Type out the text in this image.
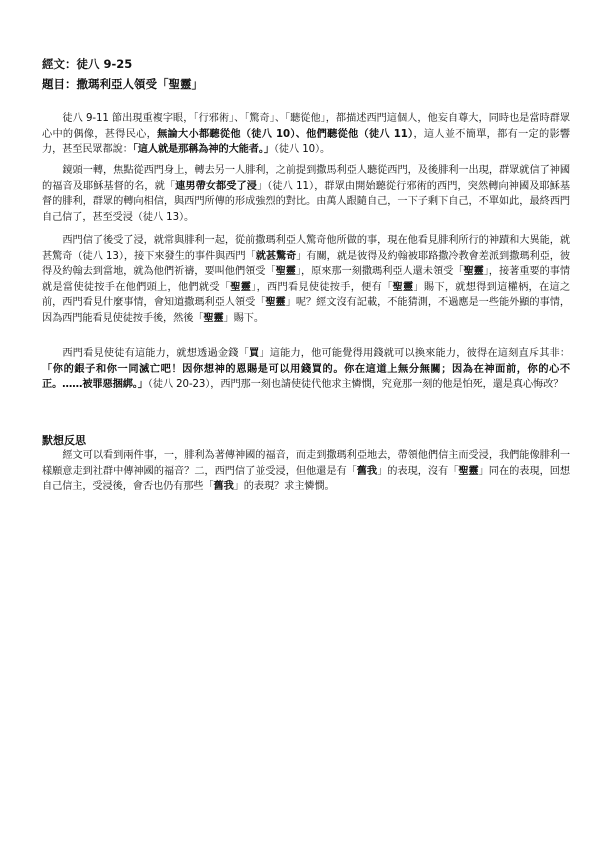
經文：徒八 9-25
題目：撒瑪利亞人領受「聖靈」
徒八 9-11 節出現重複字眼，「行邪術」、「驚奇」、「聽從他」，都描述西門這個人，他妄自尊大，同時也是當時群眾心中的偶像，甚得民心，無論大小都聽從他（徒八 10）、他們聽從他（徒八 11），這人並不簡單，都有一定的影響力，甚至民眾都說：「這人就是那稱為神的大能者。」（徒八 10）。
鏡頭一轉，焦點從西門身上，轉去另一人腓利，之前提到撒馬利亞人聽從西門，及後腓利一出現，群眾就信了神國的福音及耶穌基督的名，就「連男帶女都受了浸」（徒八 11），群眾由開始聽從行邪術的西門，突然轉向神國及耶穌基督的腓利，群眾的轉向相信，與西門所傳的形成強烈的對比。由萬人跟隨自己，一下子剩下自己，不單如此，最終西門自己信了，甚至受浸（徒八 13）。
西門信了後受了浸，就常與腓利一起，從前撒瑪利亞人驚奇他所做的事，現在他看見腓利所行的神蹟和大異能，就甚驚奇（徒八 13），接下來發生的事件與西門「就甚驚奇」有關，就是彼得及約翰被耶路撒冷教會差派到撒瑪利亞，彼得及約翰去到當地，就為他們祈禱，要叫他們領受「聖靈」，原來那一刻撒瑪利亞人還未領受「聖靈」，接著重要的事情就是當使徒按手在他們頭上，他們就受「聖靈」，西門看見使徒按手，便有「聖靈」賜下，就想得到這權柄，在這之前，西門看見什麼事情，會知道撒瑪利亞人領受「聖靈」呢？經文沒有記載，不能猜測，不過應是一些能外顯的事情，因為西門能看見使徒按手後，然後「聖靈」賜下。
西門看見使徒有這能力，就想透過金錢「買」這能力，他可能覺得用錢就可以換來能力，彼得在這刻直斥其非：「你的銀子和你一同滅亡吧！因你想神的恩賜是可以用錢買的。你在這道上無分無關；因為在神面前，你的心不正。……被罪惡捆綁。」（徒八 20-23），西門那一刻也請使徒代他求主憐憫，究竟那一刻的他是怕死，還是真心悔改？
默想反思
經文可以看到兩件事，一，腓利為著傳神國的福音，而走到撒瑪利亞地去，帶領他們信主而受浸，我們能像腓利一樣願意走到社群中傳神國的福音？二，西門信了並受浸，但他還是有「舊我」的表現，沒有「聖靈」同在的表現，回想自己信主，受浸後，會否也仍有那些「舊我」的表現？求主憐憫。
